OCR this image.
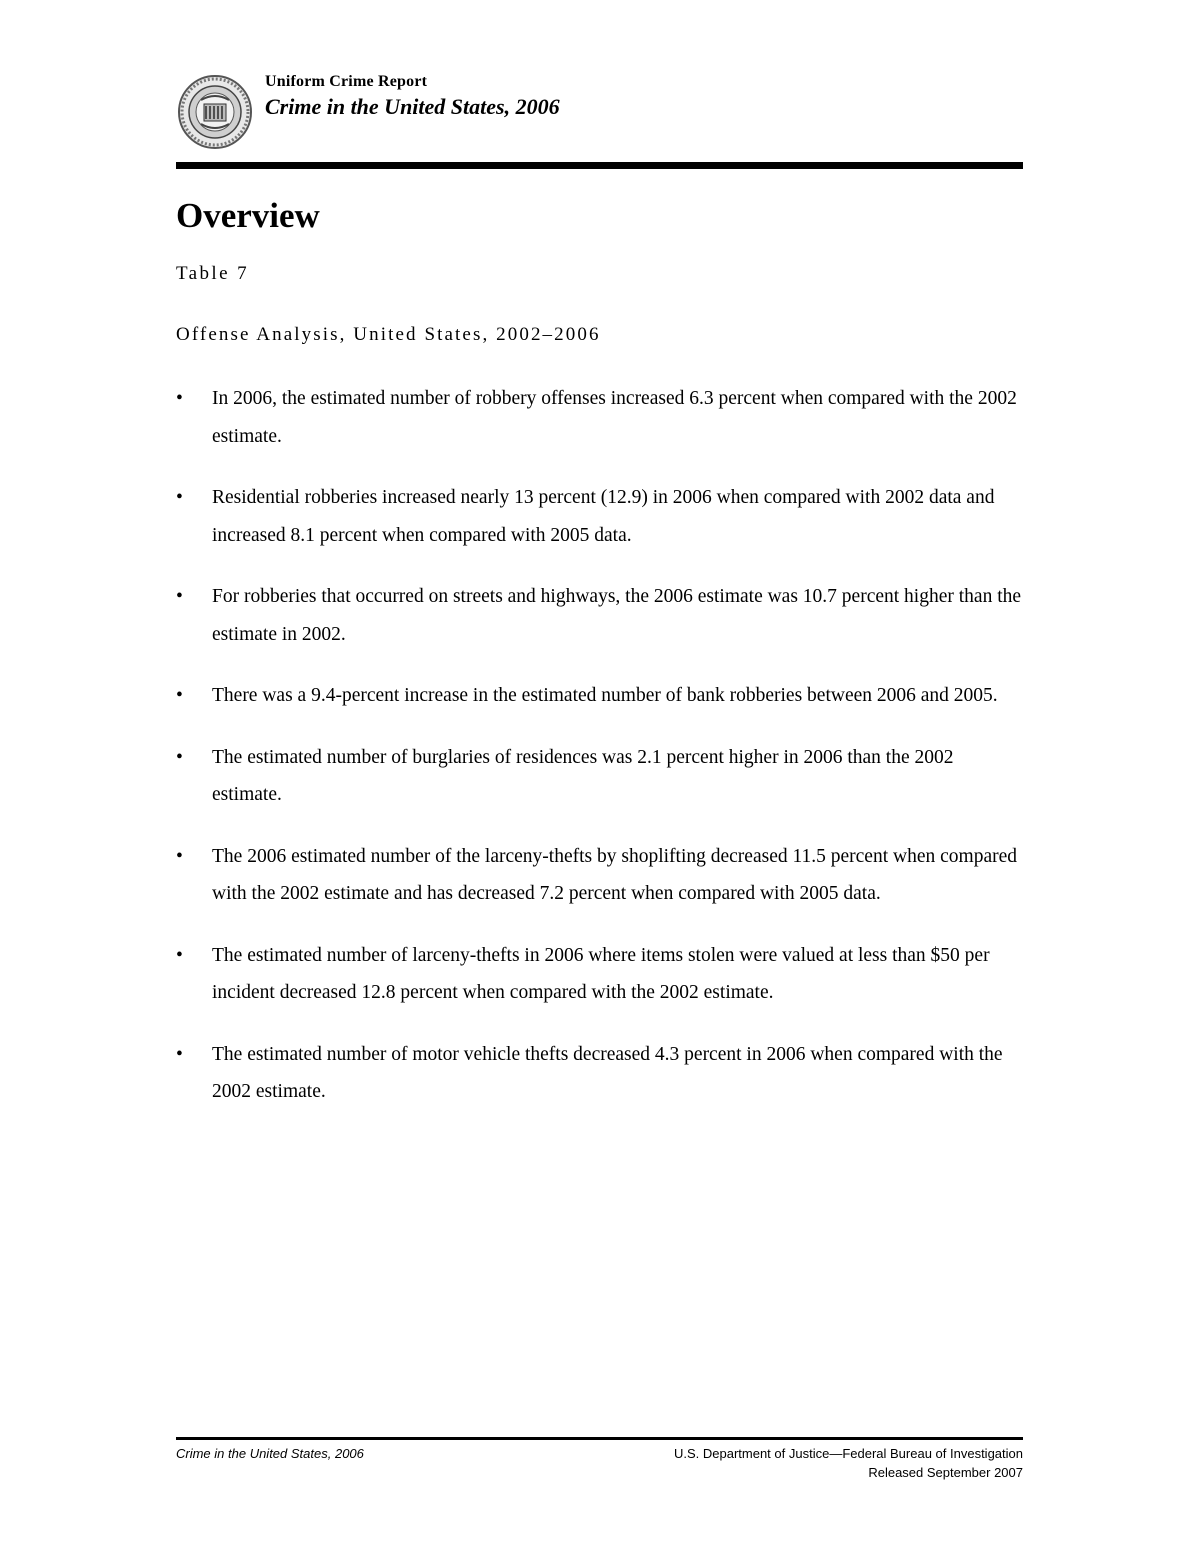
Uniform Crime Report
Crime in the United States, 2006
Overview
Table 7
Offense Analysis, United States, 2002–2006
• In 2006, the estimated number of robbery offenses increased 6.3 percent when compared with the 2002 estimate.
• Residential robberies increased nearly 13 percent (12.9) in 2006 when compared with 2002 data and increased 8.1 percent when compared with 2005 data.
• For robberies that occurred on streets and highways, the 2006 estimate was 10.7 percent higher than the estimate in 2002.
• There was a 9.4-percent increase in the estimated number of bank robberies between 2006 and 2005.
• The estimated number of burglaries of residences was 2.1 percent higher in 2006 than the 2002 estimate.
• The 2006 estimated number of the larceny-thefts by shoplifting decreased 11.5 percent when compared with the 2002 estimate and has decreased 7.2 percent when compared with 2005 data.
• The estimated number of larceny-thefts in 2006 where items stolen were valued at less than $50 per incident decreased 12.8 percent when compared with the 2002 estimate.
• The estimated number of motor vehicle thefts decreased 4.3 percent in 2006 when compared with the 2002 estimate.
Crime in the United States, 2006	U.S. Department of Justice—Federal Bureau of Investigation
Released September 2007
